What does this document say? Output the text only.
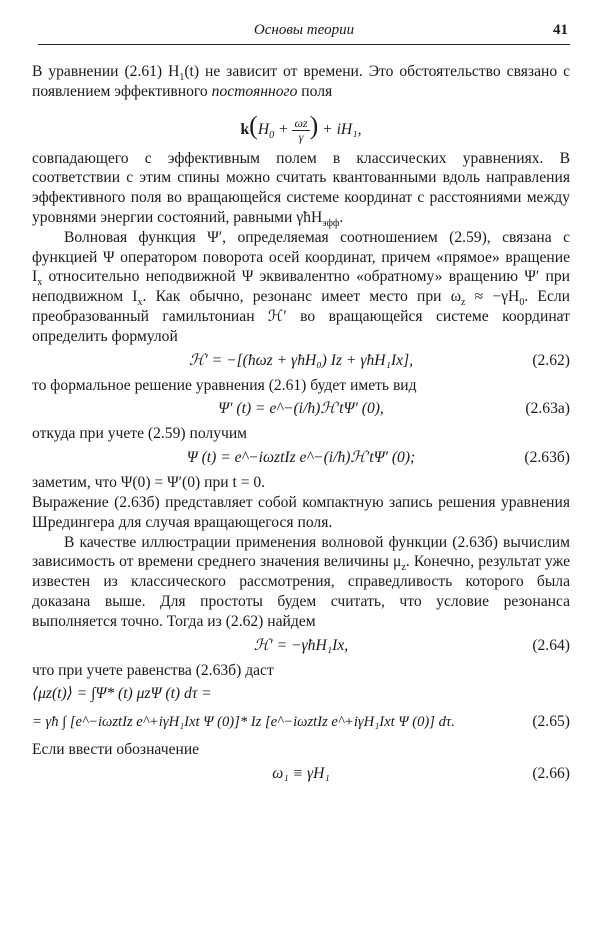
Основы теории	41

В уравнении (2.61) $H_1(t)$ не зависит от времени. Это обстоятельство связано с появлением эффективного постоянного поля

$k(H_0 + \frac{\omega z}{\gamma}$ ) + iH₁,

совпадающего с эффективным полем в классических уравнениях. В соответствии с этим спины можно считать квантованными вдоль направления эффективного поля во вращающейся системе координат с расстояниями между уровнями энергии состояний, равными γħH$_{эфф}$.

Волновая функция Ψ′, определяемая соотношением (2.59), связана с функцией Ψ оператором поворота осей координат, причем «прямое» вращение $I_x$ относительно неподвижной Ψ эквивалентно «обратному» вращению Ψ′ при неподвижном $I_x$. Как обычно, резонанс имеет место при $\omega_z \approx -\gamma H_0$. Если преобразованный гамильтониан ℋ′ во вращающейся системе координат определить формулой

ℋ′ = −[(ħωz + γħH₀) Iz + γħH₁Ix],	(2.62)

то формальное решение уравнения (2.61) будет иметь вид

Ψ′ (t) = e^−(i/ħ)ℋ′tΨ′ (0),	(2.63а)

откуда при учете (2.59) получим

Ψ (t) = e^−iωztIz e^−(i/ħ)ℋ′tΨ′ (0);	(2.63б)

заметим, что Ψ(0) = Ψ′(0) при t = 0.

Выражение (2.63б) представляет собой компактную запись решения уравнения Шредингера для случая вращающегося поля.

В качестве иллюстрации применения волновой функции (2.63б) вычислим зависимость от времени среднего значения величины $\mu_z$. Конечно, результат уже известен из классического рассмотрения, справедливость которого была доказана выше. Для простоты будем считать, что условие резонанса выполняется точно. Тогда из (2.62) найдем

ℋ′ = −γħH₁Ix,	(2.64)

что при учете равенства (2.63б) даст

⟨μz(t)⟩ = ∫Ψ* (t) μzΨ (t) dτ =
= γħ ∫ [e^−iωztIz e^+iγH₁Ixt Ψ (0)]* Iz [e^−iωztIz e^+iγH₁Ixt Ψ (0)] dτ.	(2.65)

Если ввести обозначение

ω₁ ≡ γH₁	(2.66)
